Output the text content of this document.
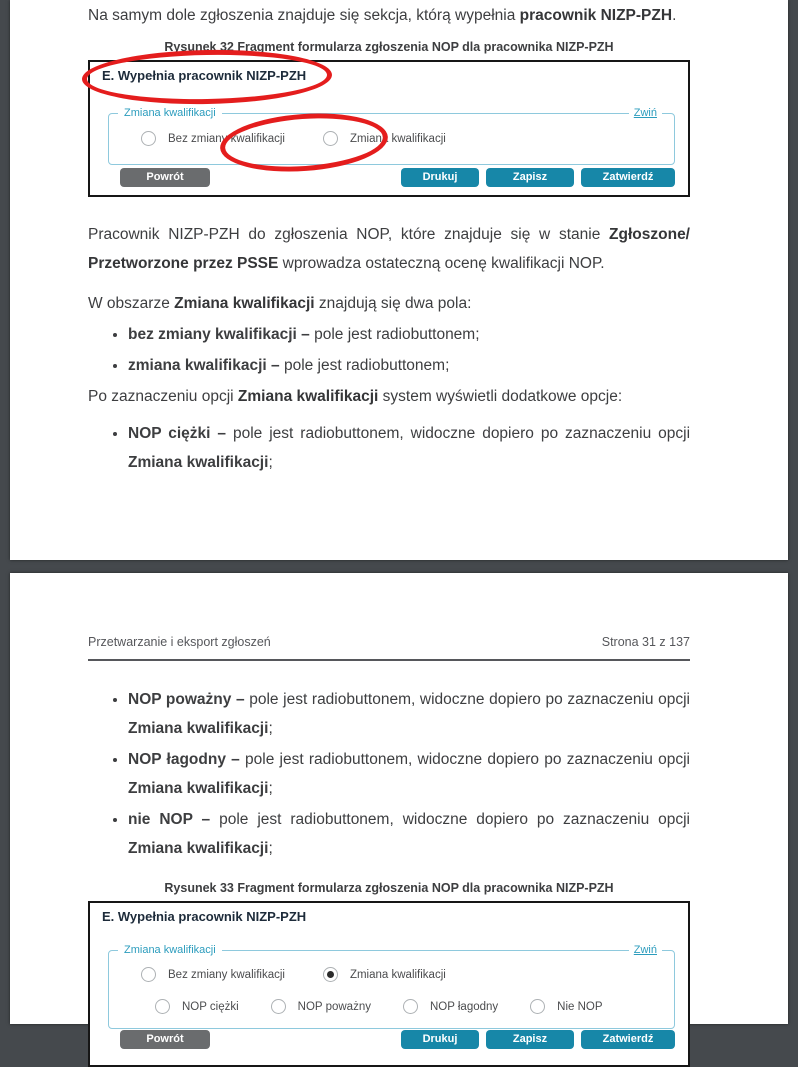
Na samym dole zgłoszenia znajduje się sekcja, którą wypełnia pracownik NIZP-PZH.

Rysunek 32 Fragment formularza zgłoszenia NOP dla pracownika NIZP-PZH

E. Wypełnia pracownik NIZP-PZH
Zmiana kwalifikacji	Zwiń
Bez zmiany kwalifikacji	Zmiana kwalifikacji
Powrót	Drukuj	Zapisz	Zatwierdź

Pracownik NIZP-PZH do zgłoszenia NOP, które znajduje się w stanie Zgłoszone/ Przetworzone przez PSSE wprowadza ostateczną ocenę kwalifikacji NOP.

W obszarze Zmiana kwalifikacji znajdują się dwa pola:

• bez zmiany kwalifikacji – pole jest radiobuttonem;
• zmiana kwalifikacji – pole jest radiobuttonem;

Po zaznaczeniu opcji Zmiana kwalifikacji system wyświetli dodatkowe opcje:

• NOP ciężki – pole jest radiobuttonem, widoczne dopiero po zaznaczeniu opcji Zmiana kwalifikacji;
Przetwarzanie i eksport zgłoszeń	Strona 31 z 137
• NOP poważny – pole jest radiobuttonem, widoczne dopiero po zaznaczeniu opcji Zmiana kwalifikacji;
• NOP łagodny – pole jest radiobuttonem, widoczne dopiero po zaznaczeniu opcji Zmiana kwalifikacji;
• nie NOP – pole jest radiobuttonem, widoczne dopiero po zaznaczeniu opcji Zmiana kwalifikacji;

Rysunek 33 Fragment formularza zgłoszenia NOP dla pracownika NIZP-PZH

E. Wypełnia pracownik NIZP-PZH
Zmiana kwalifikacji	Zwiń
Bez zmiany kwalifikacji	Zmiana kwalifikacji
NOP ciężki	NOP poważny	NOP łagodny	Nie NOP
Powrót	Drukuj	Zapisz	Zatwierdź
